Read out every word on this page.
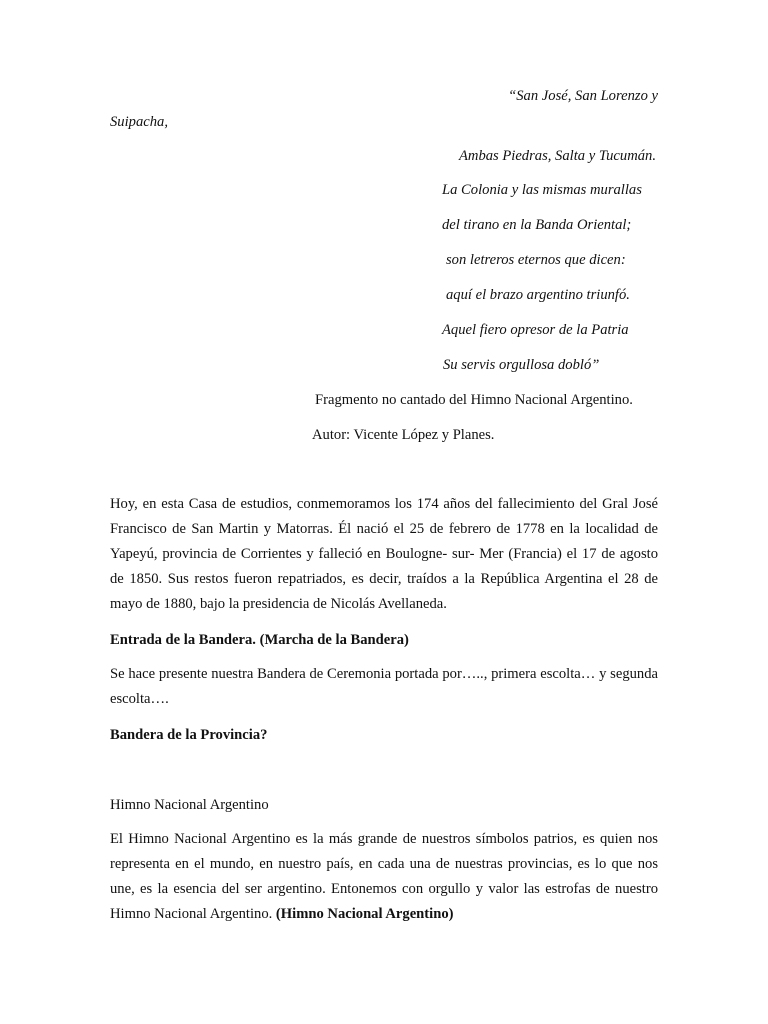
“San José, San Lorenzo y
Suipacha,
Ambas Piedras, Salta y Tucumán.
La Colonia y las mismas murallas
del tirano en la Banda Oriental;
son letreros eternos que dicen:
aquí el brazo argentino triunfó.
Aquel fiero opresor de la Patria
Su servis orgullosa dobló”
Fragmento no cantado del Himno Nacional Argentino.
Autor: Vicente López y Planes.
Hoy, en esta Casa de estudios, conmemoramos los 174 años del fallecimiento del Gral José Francisco de San Martin y Matorras. Él nació el 25 de febrero de 1778 en la localidad de Yapeyú, provincia de Corrientes y falleció en Boulogne- sur- Mer (Francia) el 17 de agosto de 1850. Sus restos fueron repatriados, es decir, traídos a la República Argentina el 28 de mayo de 1880, bajo la presidencia de Nicolás Avellaneda.
Entrada de la Bandera. (Marcha de la Bandera)
Se hace presente nuestra Bandera de Ceremonia portada por….., primera escolta… y segunda escolta….
Bandera de la Provincia?
Himno Nacional Argentino
El Himno Nacional Argentino es la más grande de nuestros símbolos patrios, es quien nos representa en el mundo, en nuestro país, en cada una de nuestras provincias, es lo que nos une, es la esencia del ser argentino. Entonemos con orgullo y valor las estrofas de nuestro Himno Nacional Argentino. (Himno Nacional Argentino)
